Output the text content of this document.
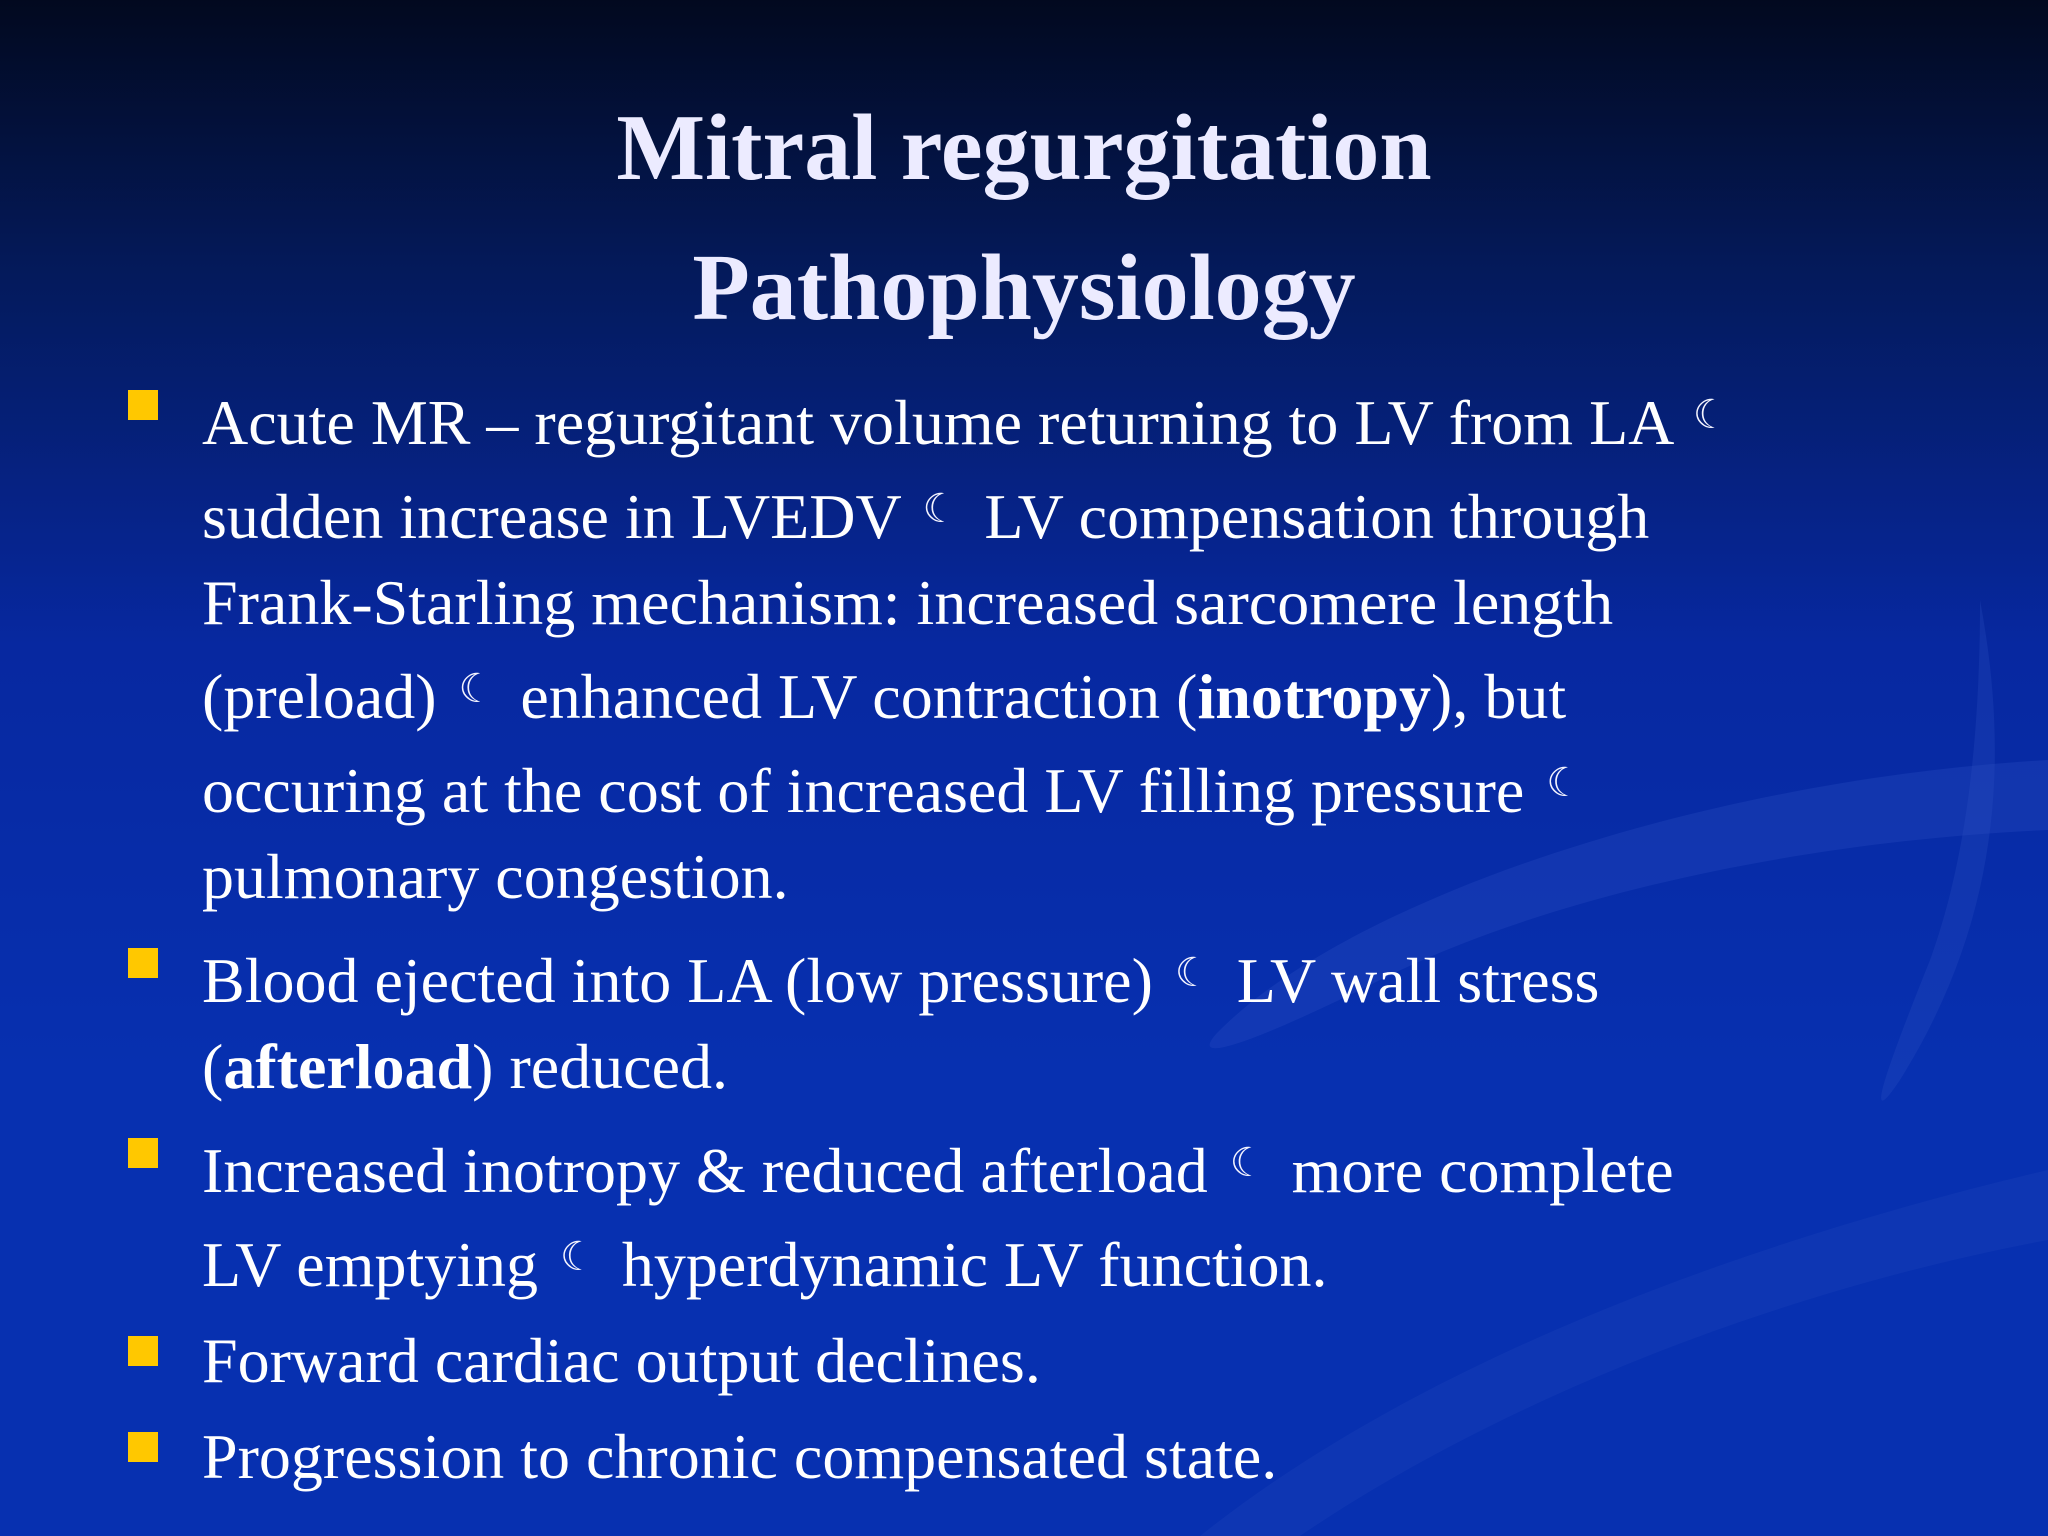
Mitral regurgitation
Pathophysiology
Acute MR – regurgitant volume returning to LV from LA ☾ sudden increase in LVEDV ☾ LV compensation through Frank-Starling mechanism: increased sarcomere length (preload) ☾ enhanced LV contraction (inotropy), but occuring at the cost of increased LV filling pressure ☾ pulmonary congestion.
Blood ejected into LA (low pressure) ☾ LV wall stress (afterload) reduced.
Increased inotropy & reduced afterload ☾ more complete LV emptying ☾ hyperdynamic LV function.
Forward cardiac output declines.
Progression to chronic compensated state.
